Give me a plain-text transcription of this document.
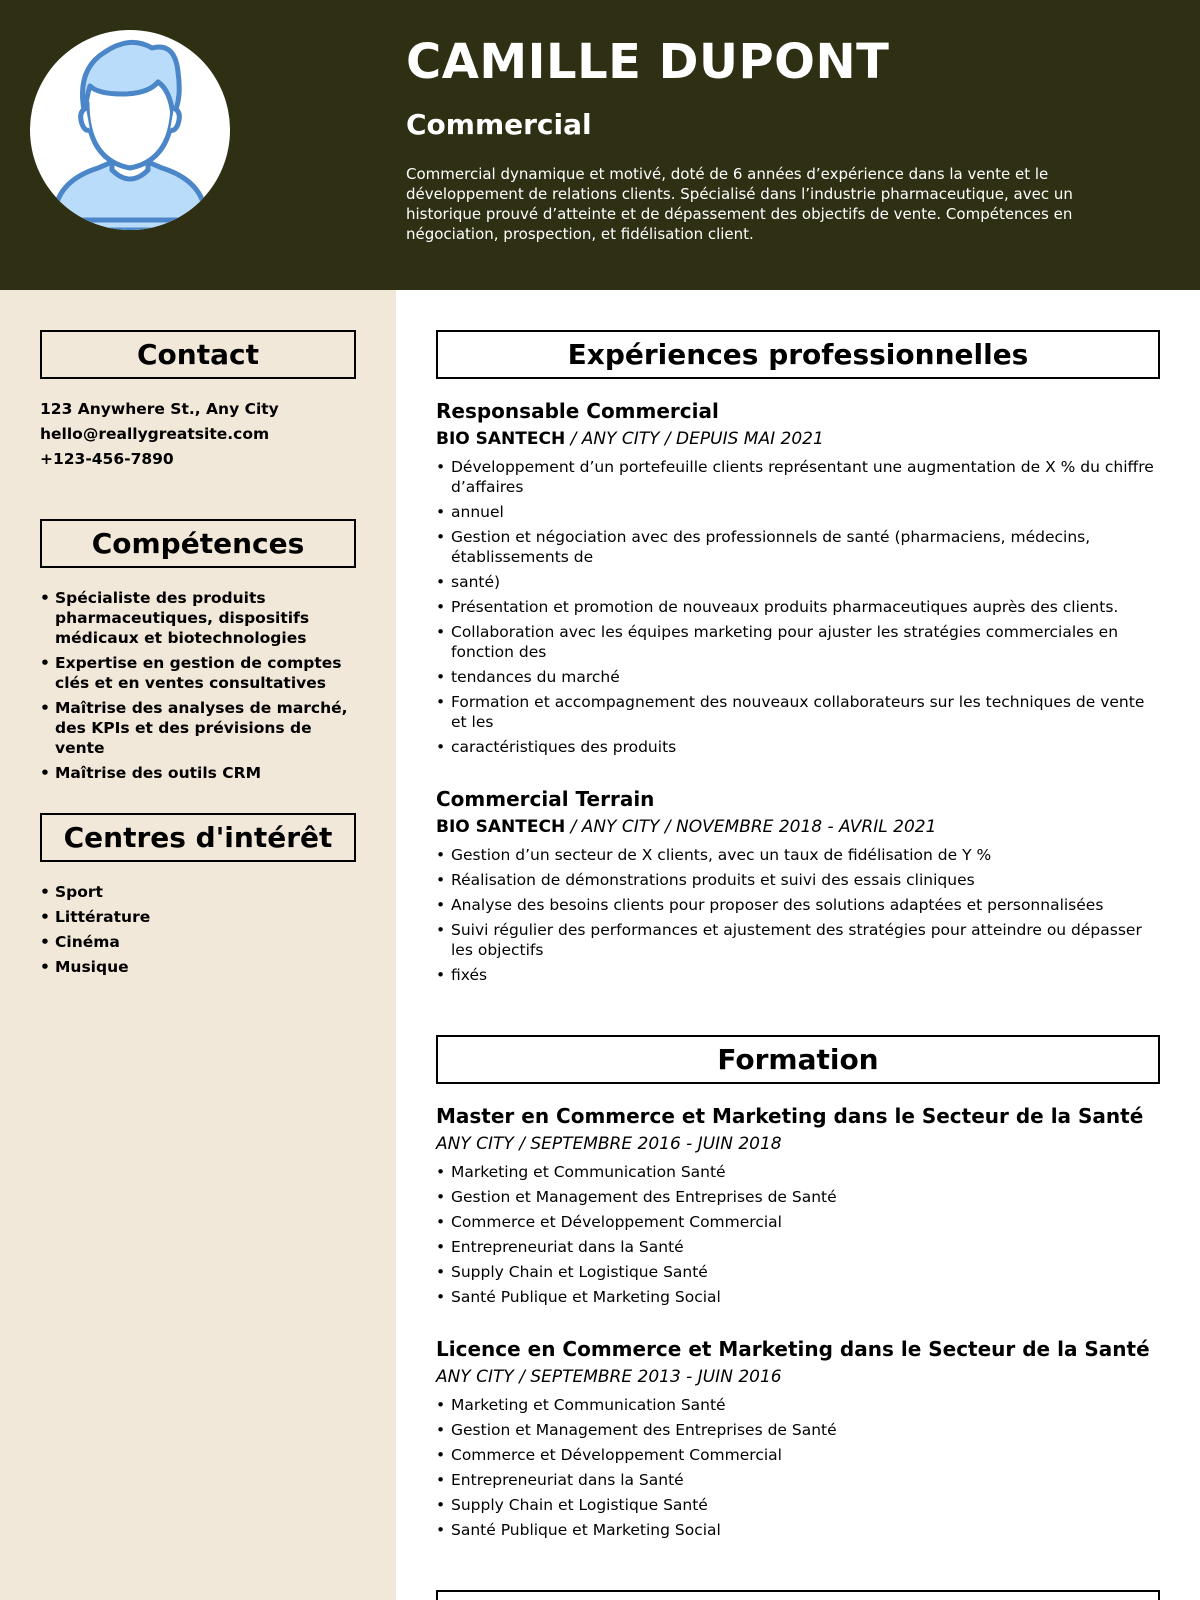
CAMILLE DUPONT
Commercial
Commercial dynamique et motivé, doté de 6 années d’expérience dans la vente et le développement de relations clients. Spécialisé dans l’industrie pharmaceutique, avec un historique prouvé d’atteinte et de dépassement des objectifs de vente. Compétences en négociation, prospection, et fidélisation client.
Contact
123 Anywhere St., Any City
hello@reallygreatsite.com
+123-456-7890
Compétences
• Spécialiste des produits pharmaceutiques, dispositifs médicaux et biotechnologies
• Expertise en gestion de comptes clés et en ventes consultatives
• Maîtrise des analyses de marché, des KPIs et des prévisions de vente
• Maîtrise des outils CRM
Centres d'intérêt
• Sport
• Littérature
• Cinéma
• Musique
Expériences professionnelles
Responsable Commercial
BIO SANTECH / ANY CITY / DEPUIS MAI 2021
• Développement d’un portefeuille clients représentant une augmentation de X % du chiffre d’affaires
• annuel
• Gestion et négociation avec des professionnels de santé (pharmaciens, médecins, établissements de
• santé)
• Présentation et promotion de nouveaux produits pharmaceutiques auprès des clients.
• Collaboration avec les équipes marketing pour ajuster les stratégies commerciales en fonction des
• tendances du marché
• Formation et accompagnement des nouveaux collaborateurs sur les techniques de vente et les
• caractéristiques des produits
Commercial Terrain
BIO SANTECH / ANY CITY / NOVEMBRE 2018 - AVRIL 2021
• Gestion d’un secteur de X clients, avec un taux de fidélisation de Y %
• Réalisation de démonstrations produits et suivi des essais cliniques
• Analyse des besoins clients pour proposer des solutions adaptées et personnalisées
• Suivi régulier des performances et ajustement des stratégies pour atteindre ou dépasser les objectifs
• fixés
Formation
Master en Commerce et Marketing dans le Secteur de la Santé
ANY CITY / SEPTEMBRE 2016 - JUIN 2018
• Marketing et Communication Santé
• Gestion et Management des Entreprises de Santé
• Commerce et Développement Commercial
• Entrepreneuriat dans la Santé
• Supply Chain et Logistique Santé
• Santé Publique et Marketing Social
Licence en Commerce et Marketing dans le Secteur de la Santé
ANY CITY / SEPTEMBRE 2013 - JUIN 2016
• Marketing et Communication Santé
• Gestion et Management des Entreprises de Santé
• Commerce et Développement Commercial
• Entrepreneuriat dans la Santé
• Supply Chain et Logistique Santé
• Santé Publique et Marketing Social
